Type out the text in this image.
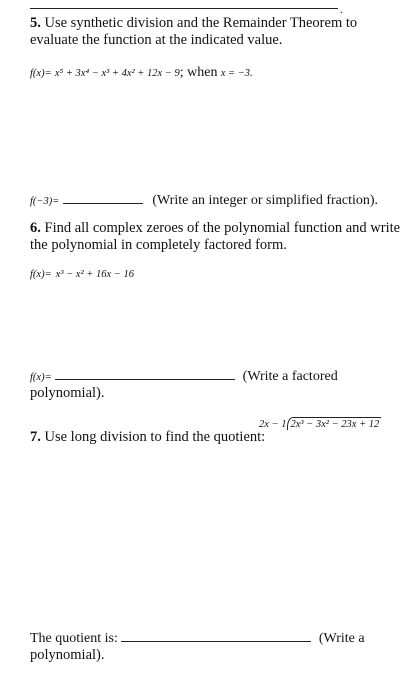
.
5. Use synthetic division and the Remainder Theorem to
evaluate the function at the indicated value.
f(x)= x⁵ + 3x⁴ − x³ + 4x² + 12x − 9; when x = −3.
f(−3)=	(Write an integer or simplified fraction).
6. Find all complex zeroes of the polynomial function and write
the polynomial in completely factored form.
f(x)= x³ − x² + 16x − 16
f(x)=	(Write a factored
polynomial).
7. Use long division to find the quotient:
2x − 1 2x³ − 3x² − 23x + 12
The quotient is:	(Write a
polynomial).
